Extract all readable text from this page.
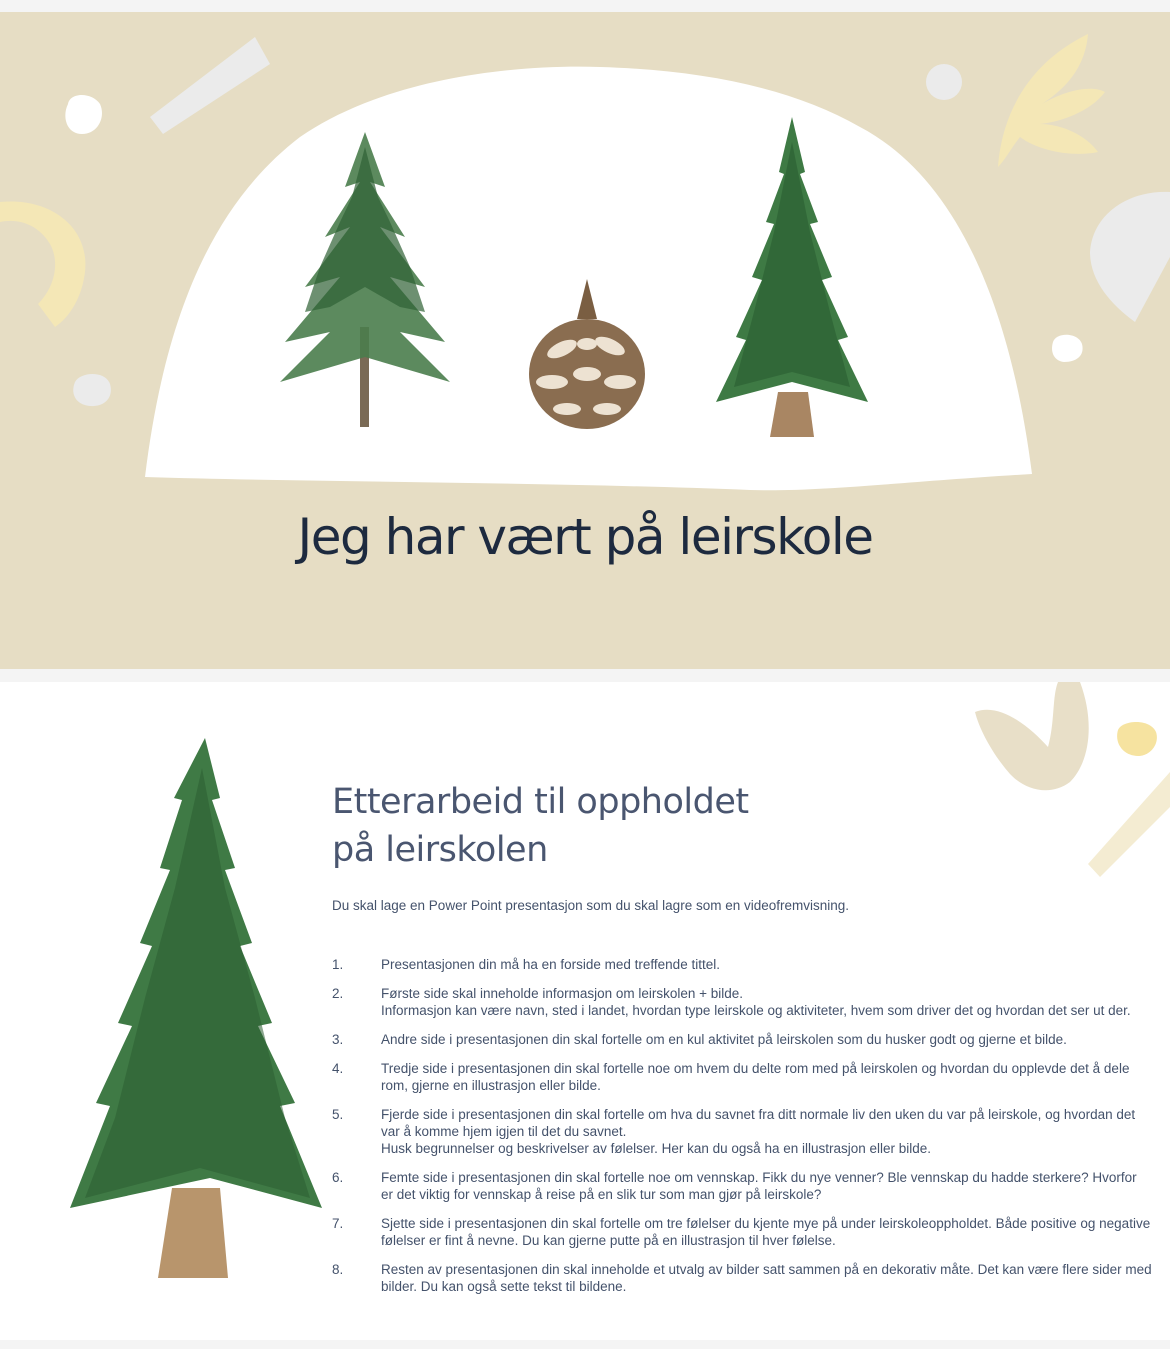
Jeg har vært på leirskole
Etterarbeid til oppholdet
på leirskolen

Du skal lage en Power Point presentasjon som du skal lagre som en videofremvisning.

1.	Presentasjonen din må ha en forside med treffende tittel.
2.	Første side skal inneholde informasjon om leirskolen + bilde.
Informasjon kan være navn, sted i landet, hvordan type leirskole og aktiviteter, hvem som driver det og hvordan det ser ut der.
3.	Andre side i presentasjonen din skal fortelle om en kul aktivitet på leirskolen som du husker godt og gjerne et bilde.
4.	Tredje side i presentasjonen din skal fortelle noe om hvem du delte rom med på leirskolen og hvordan du opplevde det å dele rom, gjerne en illustrasjon eller bilde.
5.	Fjerde side i presentasjonen din skal fortelle om hva du savnet fra ditt normale liv den uken du var på leirskole, og hvordan det var å komme hjem igjen til det du savnet.
Husk begrunnelser og beskrivelser av følelser. Her kan du også ha en illustrasjon eller bilde.
6.	Femte side i presentasjonen din skal fortelle noe om vennskap. Fikk du nye venner? Ble vennskap du hadde sterkere? Hvorfor er det viktig for vennskap å reise på en slik tur som man gjør på leirskole?
7.	Sjette side i presentasjonen din skal fortelle om tre følelser du kjente mye på under leirskoleoppholdet. Både positive og negative følelser er fint å nevne. Du kan gjerne putte på en illustrasjon til hver følelse.
8.	Resten av presentasjonen din skal inneholde et utvalg av bilder satt sammen på en dekorativ måte. Det kan være flere sider med bilder. Du kan også sette tekst til bildene.
